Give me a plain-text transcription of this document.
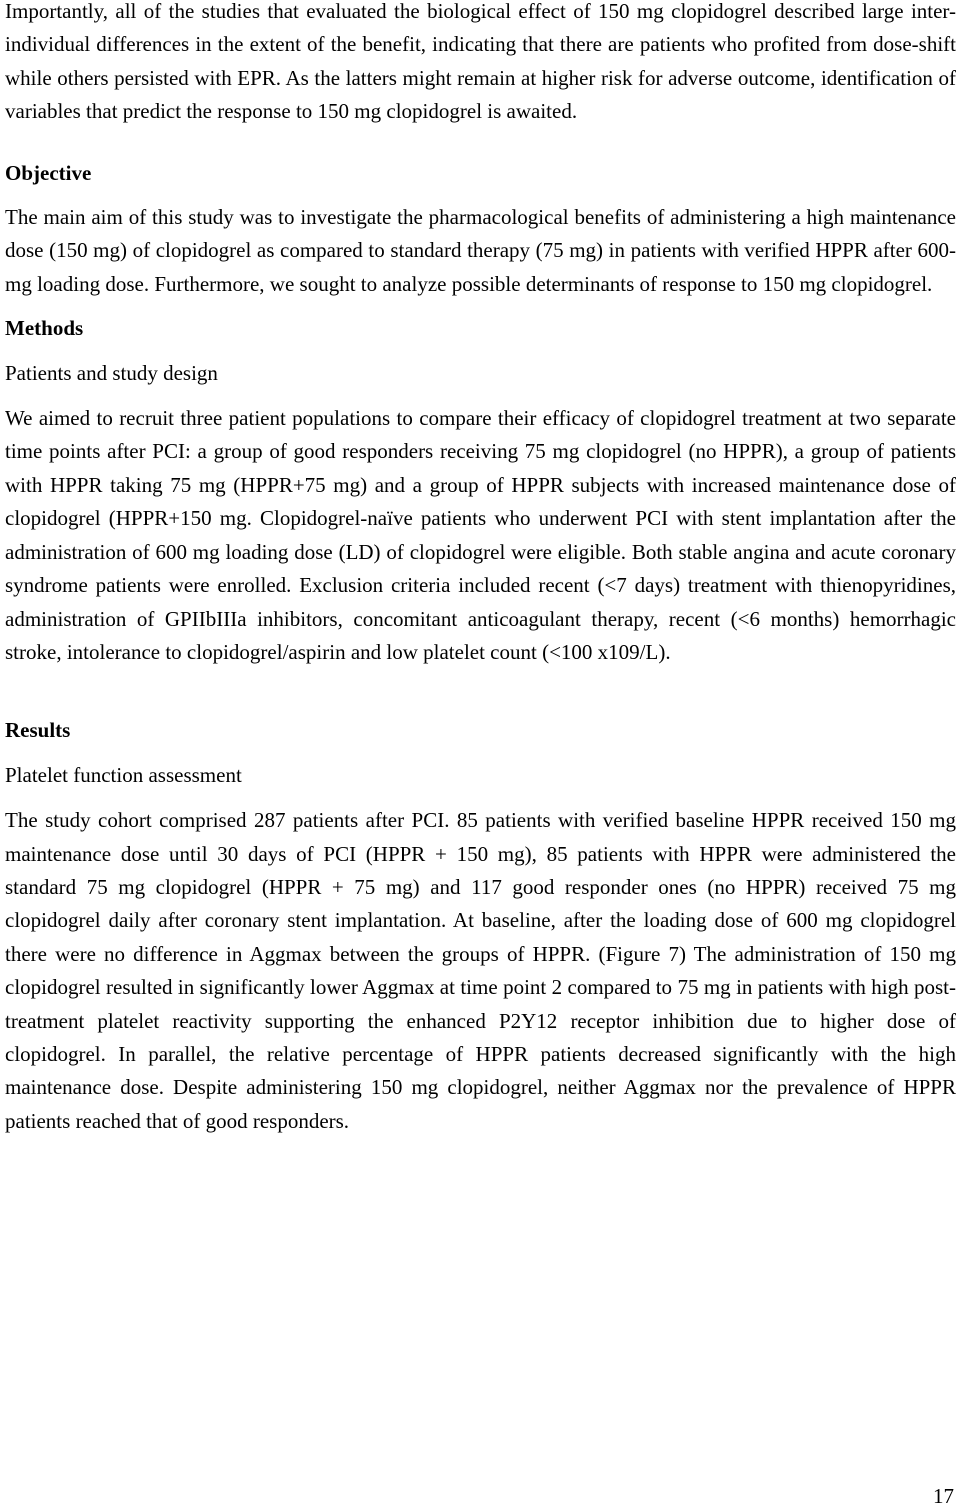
Importantly, all of the studies that evaluated the biological effect of 150 mg clopidogrel described large inter-individual differences in the extent of the benefit, indicating that there are patients who profited from dose-shift while others persisted with EPR. As the latters might remain at higher risk for adverse outcome, identification of variables that predict the response to 150 mg clopidogrel is awaited.

Objective

The main aim of this study was to investigate the pharmacological benefits of administering a high maintenance dose (150 mg) of clopidogrel as compared to standard therapy (75 mg) in patients with verified HPPR after 600-mg loading dose. Furthermore, we sought to analyze possible determinants of response to 150 mg clopidogrel.

Methods

Patients and study design

We aimed to recruit three patient populations to compare their efficacy of clopidogrel treatment at two separate time points after PCI: a group of good responders receiving 75 mg clopidogrel (no HPPR), a group of patients with HPPR taking 75 mg (HPPR+75 mg) and a group of HPPR subjects with increased maintenance dose of clopidogrel (HPPR+150 mg. Clopidogrel-naïve patients who underwent PCI with stent implantation after the administration of 600 mg loading dose (LD) of clopidogrel were eligible. Both stable angina and acute coronary syndrome patients were enrolled. Exclusion criteria included recent (<7 days) treatment with thienopyridines, administration of GPIIbIIIa inhibitors, concomitant anticoagulant therapy, recent (<6 months) hemorrhagic stroke, intolerance to clopidogrel/aspirin and low platelet count (<100 x109/L).

Results

Platelet function assessment

The study cohort comprised 287 patients after PCI. 85 patients with verified baseline HPPR received 150 mg maintenance dose until 30 days of PCI (HPPR + 150 mg), 85 patients with HPPR were administered the standard 75 mg clopidogrel (HPPR + 75 mg) and 117 good responder ones (no HPPR) received 75 mg clopidogrel daily after coronary stent implantation. At baseline, after the loading dose of 600 mg clopidogrel there were no difference in Aggmax between the groups of HPPR. (Figure 7) The administration of 150 mg clopidogrel resulted in significantly lower Aggmax at time point 2 compared to 75 mg in patients with high post-treatment platelet reactivity supporting the enhanced P2Y12 receptor inhibition due to higher dose of clopidogrel. In parallel, the relative percentage of HPPR patients decreased significantly with the high maintenance dose. Despite administering 150 mg clopidogrel, neither Aggmax nor the prevalence of HPPR patients reached that of good responders.

17
